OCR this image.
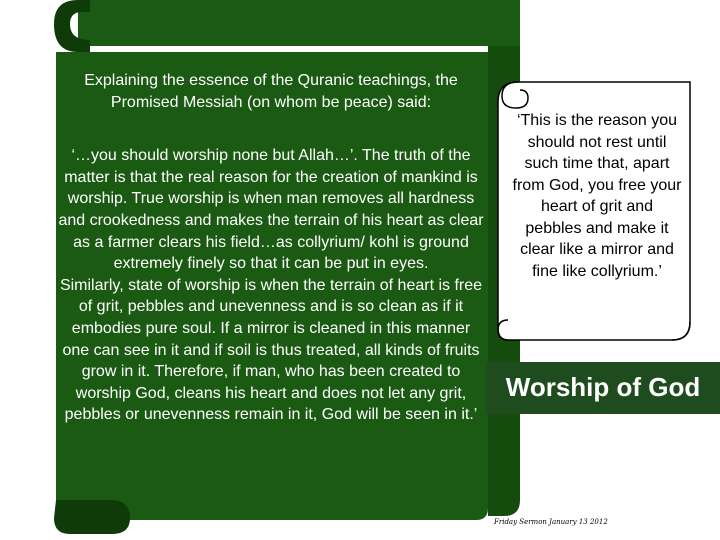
Explaining the essence of the Quranic teachings, the Promised Messiah (on whom be peace) said:

‘…you should worship none but Allah…’. The truth of the matter is that the real reason for the creation of mankind is worship. True worship is when man removes all hardness and crookedness and makes the terrain of his heart as clear as a farmer clears his field…as collyrium/ kohl is ground extremely finely so that it can be put in eyes.

Similarly, state of worship is when the terrain of heart is free of grit, pebbles and unevenness and is so clean as if it embodies pure soul. If a mirror is cleaned in this manner one can see in it and if soil is thus treated, all kinds of fruits grow in it. Therefore, if man, who has been created to worship God, cleans his heart and does not let any grit, pebbles or unevenness remain in it, God will be seen in it.’

‘This is the reason you should not rest until such time that, apart from God, you free your heart of grit and pebbles and make it clear like a mirror and fine like collyrium.’
Worship of God
Friday Sermon January 13 2012
